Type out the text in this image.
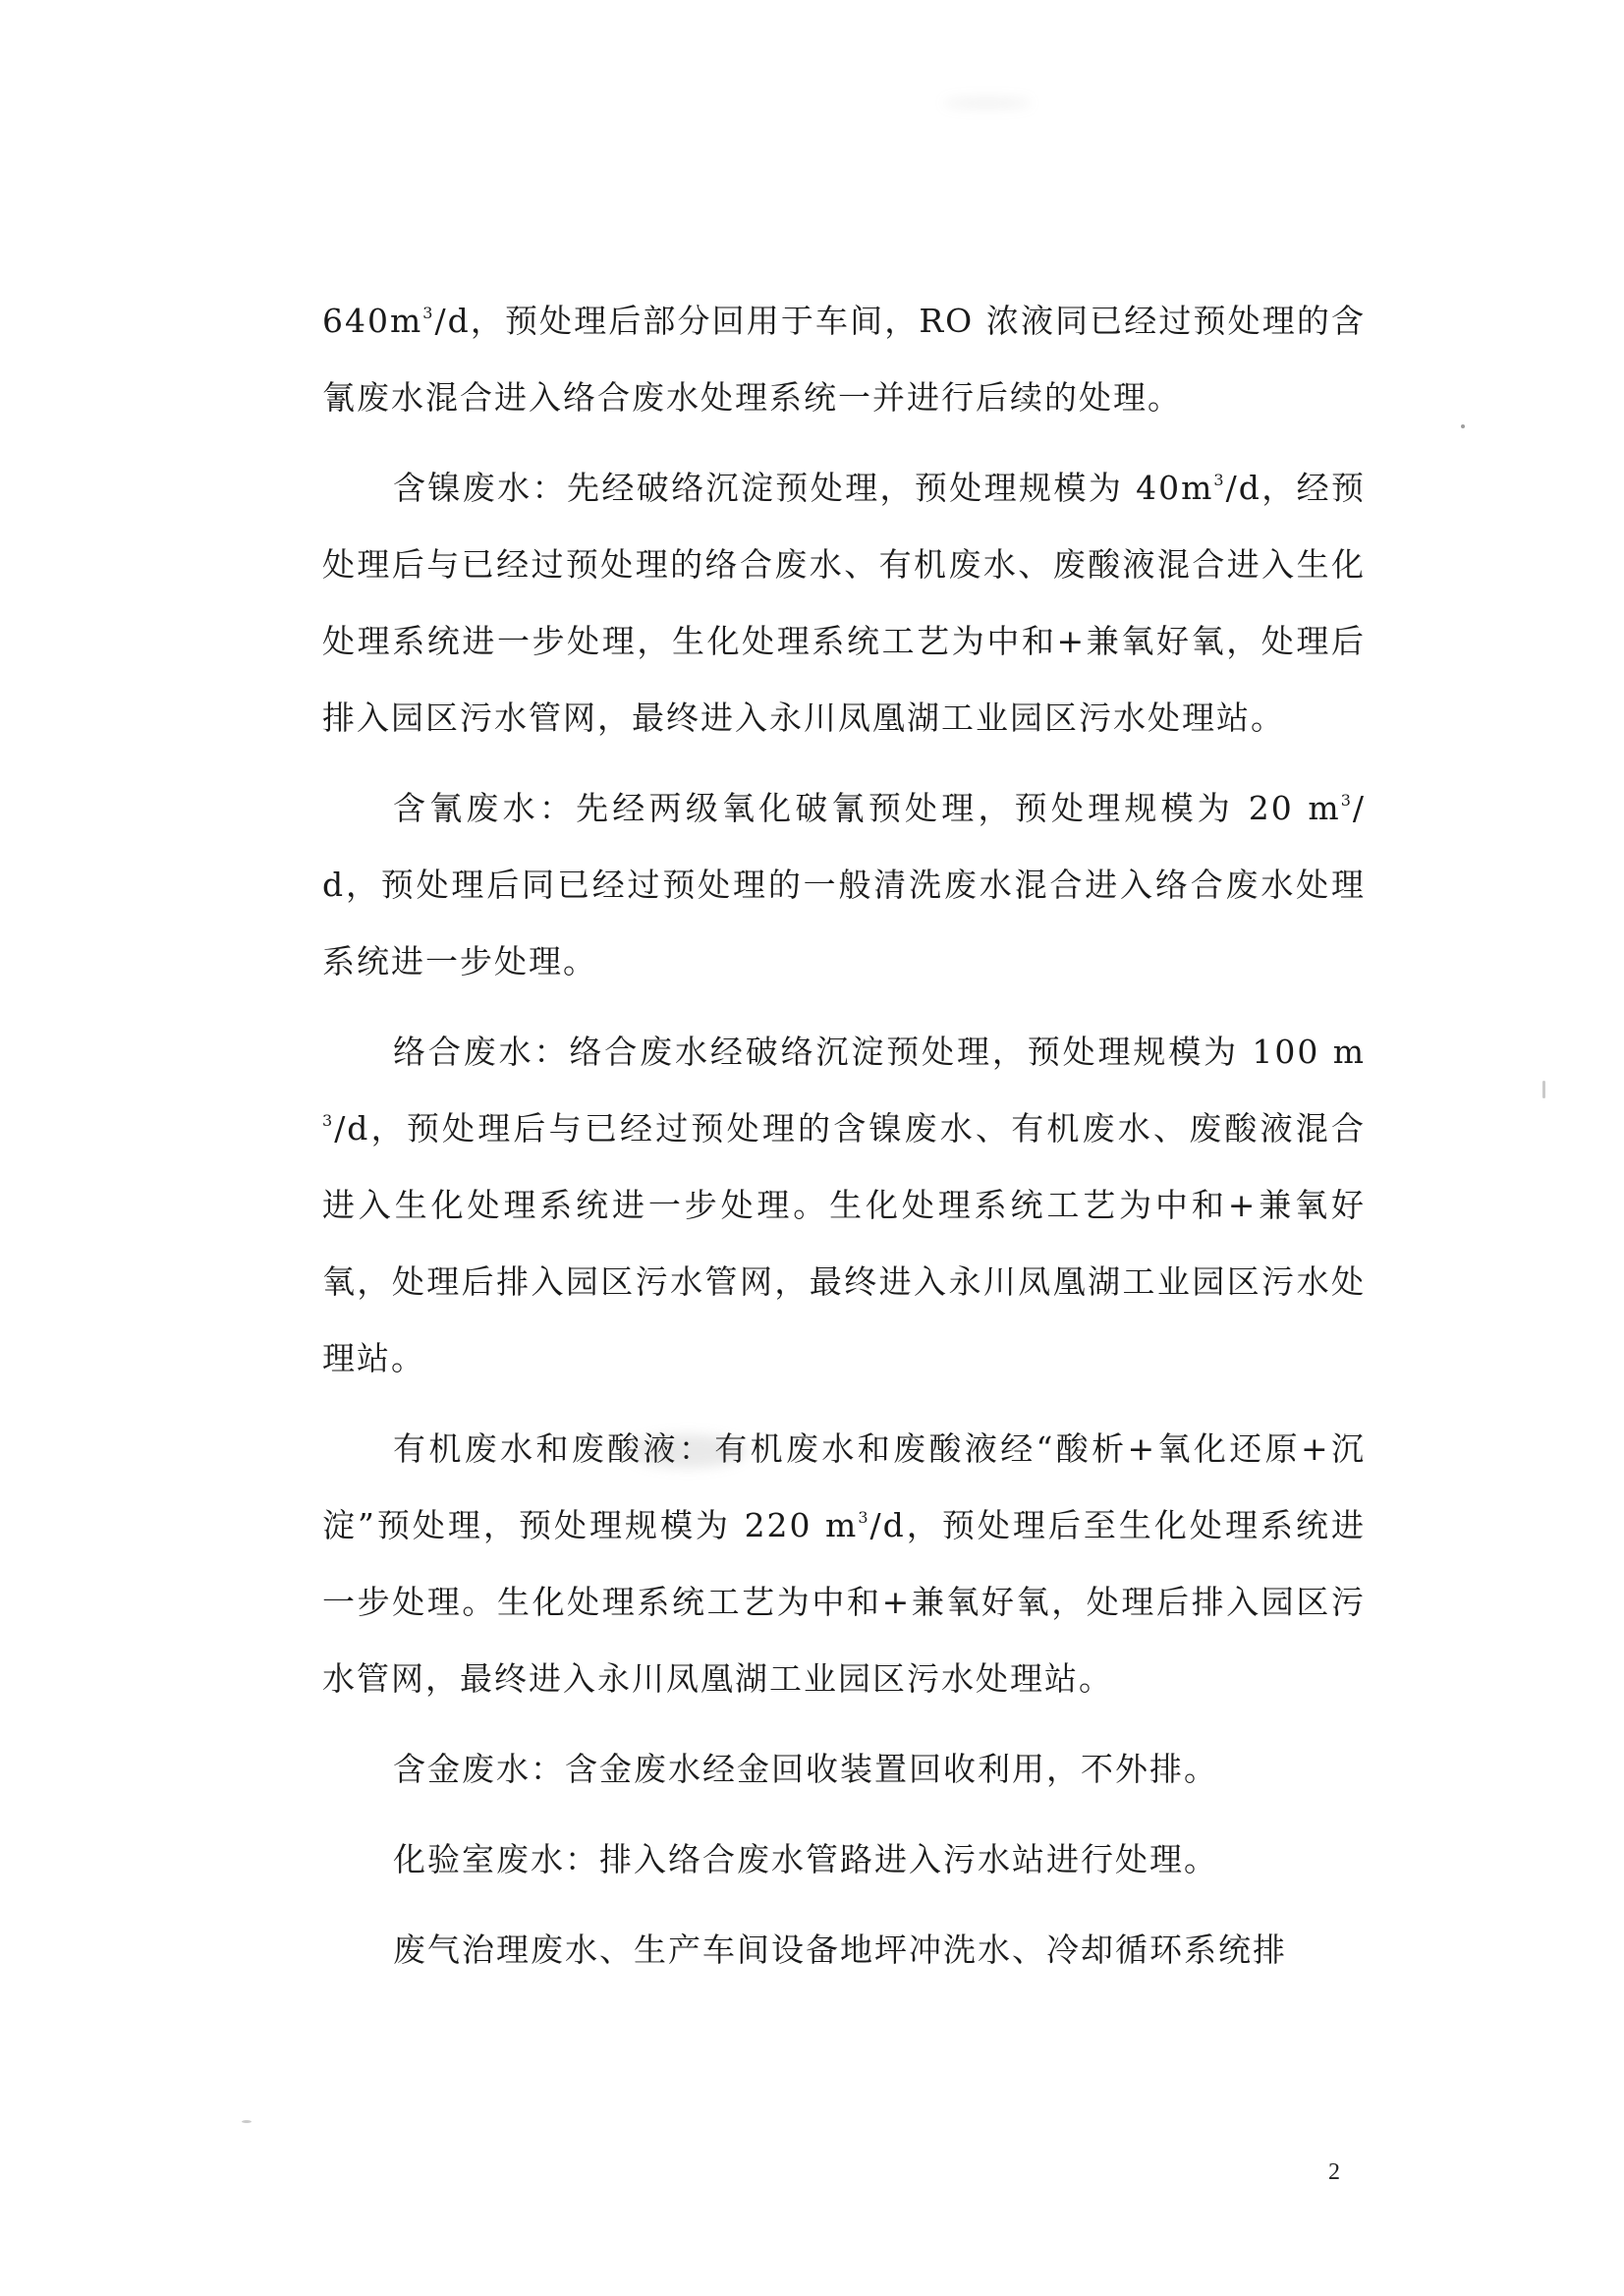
$640m^3/d$，预处理后部分回用于车间，RO 浓液同已经过预处理的含氰废水混合进入络合废水处理系统一并进行后续的处理。

含镍废水：先经破络沉淀预处理，预处理规模为 $40m^3/d$，经预处理后与已经过预处理的络合废水、有机废水、废酸液混合进入生化处理系统进一步处理，生化处理系统工艺为中和+兼氧好氧，处理后排入园区污水管网，最终进入永川凤凰湖工业园区污水处理站。

含氰废水：先经两级氧化破氰预处理，预处理规模为 20 $m^3/d$，预处理后同已经过预处理的一般清洗废水混合进入络合废水处理系统进一步处理。

络合废水：络合废水经破络沉淀预处理，预处理规模为 100 $m^3/d$，预处理后与已经过预处理的含镍废水、有机废水、废酸液混合进入生化处理系统进一步处理。生化处理系统工艺为中和+兼氧好氧，处理后排入园区污水管网，最终进入永川凤凰湖工业园区污水处理站。

有机废水和废酸液：有机废水和废酸液经“酸析+氧化还原+沉淀”预处理，预处理规模为 220 $m^3/d$，预处理后至生化处理系统进一步处理。生化处理系统工艺为中和+兼氧好氧，处理后排入园区污水管网，最终进入永川凤凰湖工业园区污水处理站。

含金废水：含金废水经金回收装置回收利用，不外排。

化验室废水：排入络合废水管路进入污水站进行处理。

废气治理废水、生产车间设备地坪冲洗水、冷却循环系统排

2
